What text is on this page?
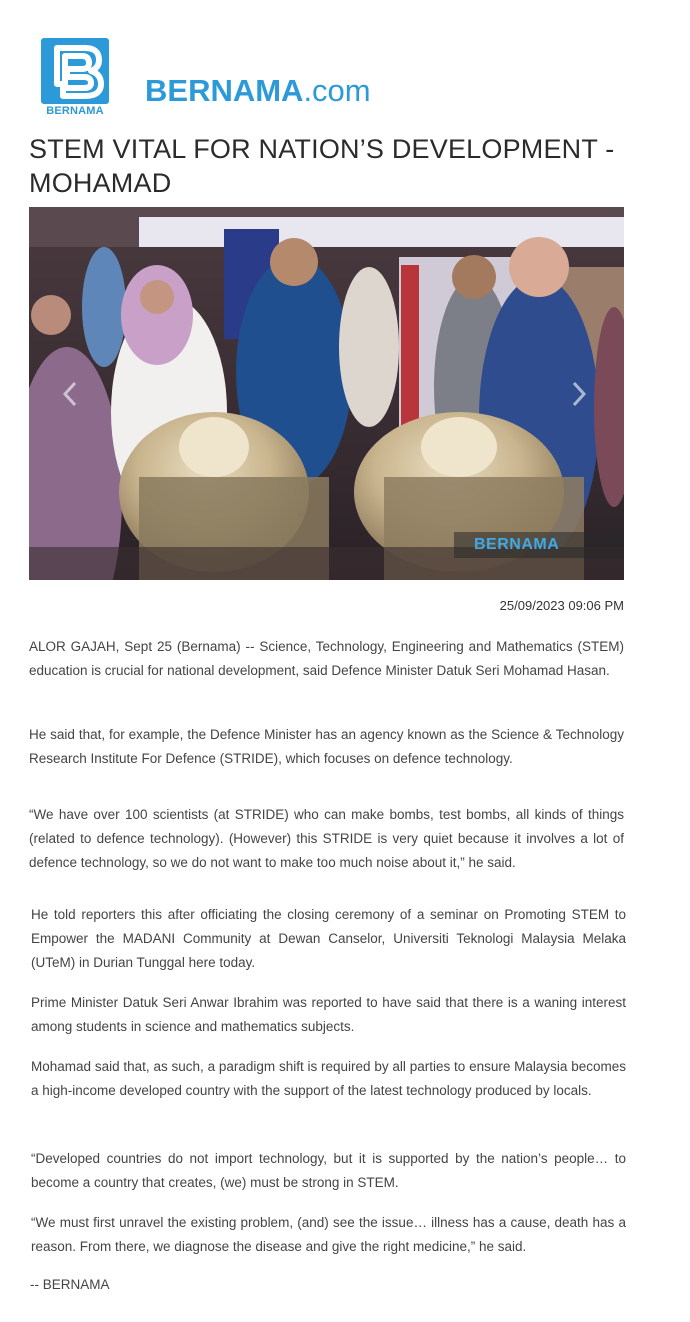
BERNAMA
BERNAMA.com
STEM VITAL FOR NATION’S DEVELOPMENT - MOHAMAD
BERNAMA
25/09/2023 09:06 PM

ALOR GAJAH, Sept 25 (Bernama) -- Science, Technology, Engineering and Mathematics (STEM) education is crucial for national development, said Defence Minister Datuk Seri Mohamad Hasan.

He said that, for example, the Defence Minister has an agency known as the Science & Technology Research Institute For Defence (STRIDE), which focuses on defence technology.

“We have over 100 scientists (at STRIDE) who can make bombs, test bombs, all kinds of things (related to defence technology). (However) this STRIDE is very quiet because it involves a lot of defence technology, so we do not want to make too much noise about it,” he said.

He told reporters this after officiating the closing ceremony of a seminar on Promoting STEM to Empower the MADANI Community at Dewan Canselor, Universiti Teknologi Malaysia Melaka (UTeM) in Durian Tunggal here today.

Prime Minister Datuk Seri Anwar Ibrahim was reported to have said that there is a waning interest among students in science and mathematics subjects.

Mohamad said that, as such, a paradigm shift is required by all parties to ensure Malaysia becomes a high-income developed country with the support of the latest technology produced by locals.

“Developed countries do not import technology, but it is supported by the nation’s people… to become a country that creates, (we) must be strong in STEM.

“We must first unravel the existing problem, (and) see the issue… illness has a cause, death has a reason. From there, we diagnose the disease and give the right medicine,” he said.

-- BERNAMA
